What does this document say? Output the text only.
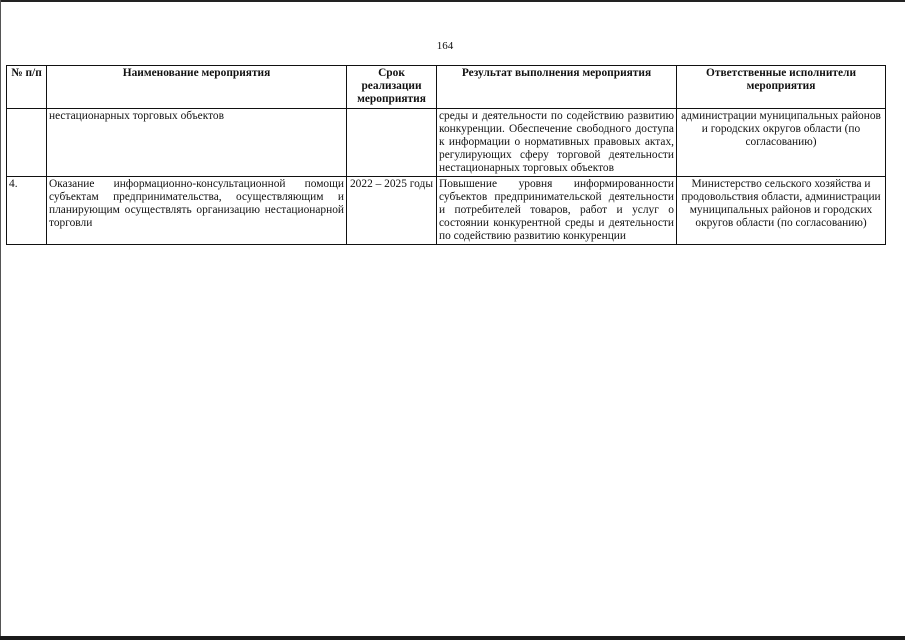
164
№ п/п	Наименование мероприятия	Срок реализации мероприятия	Результат выполнения мероприятия	Ответственные исполнители мероприятия
	нестационарных торговых объектов		среды и деятельности по содействию развитию конкуренции. Обеспечение свободного доступа к информации о нормативных правовых актах, регулирующих сферу торговой деятельности нестационарных торговых объектов	администрации муниципальных районов и городских округов области (по согласованию)
4.	Оказание информационно-консультационной помощи субъектам предпринимательства, осуществляющим и планирующим осуществлять организацию нестационарной торговли	2022 – 2025 годы	Повышение уровня информированности субъектов предпринимательской деятельности и потребителей товаров, работ и услуг о состоянии конкурентной среды и деятельности по содействию развитию конкуренции	Министерство сельского хозяйства и продовольствия области, администрации муниципальных районов и городских округов области (по согласованию)
